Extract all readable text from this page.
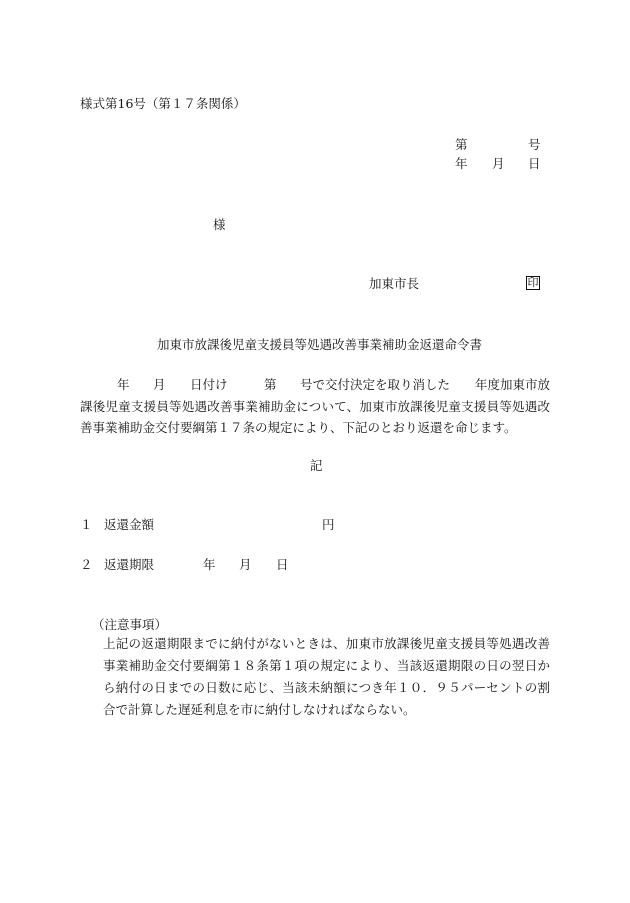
様式第16号（第１７条関係）
第	号
年 月 日
様
加東市長	印
加東市放課後児童支援員等処遇改善事業補助金返還命令書
年 月 日付け	第 号で交付決定を取り消した　　年度加東市放
課後児童支援員等処遇改善事業補助金について、加東市放課後児童支援員等処遇改善事業補助金交付要綱第１７条の規定により、下記のとおり返還を命じます。
記
１ 返還金額	円
２ 返還期限	年 月 日
（注意事項）
上記の返還期限までに納付がないときは、加東市放課後児童支援員等処遇改善事業補助金交付要綱第１８条第１項の規定により、当該返還期限の日の翌日から納付の日までの日数に応じ、当該未納額につき年１０．９５パーセントの割合で計算した遅延利息を市に納付しなければならない。
